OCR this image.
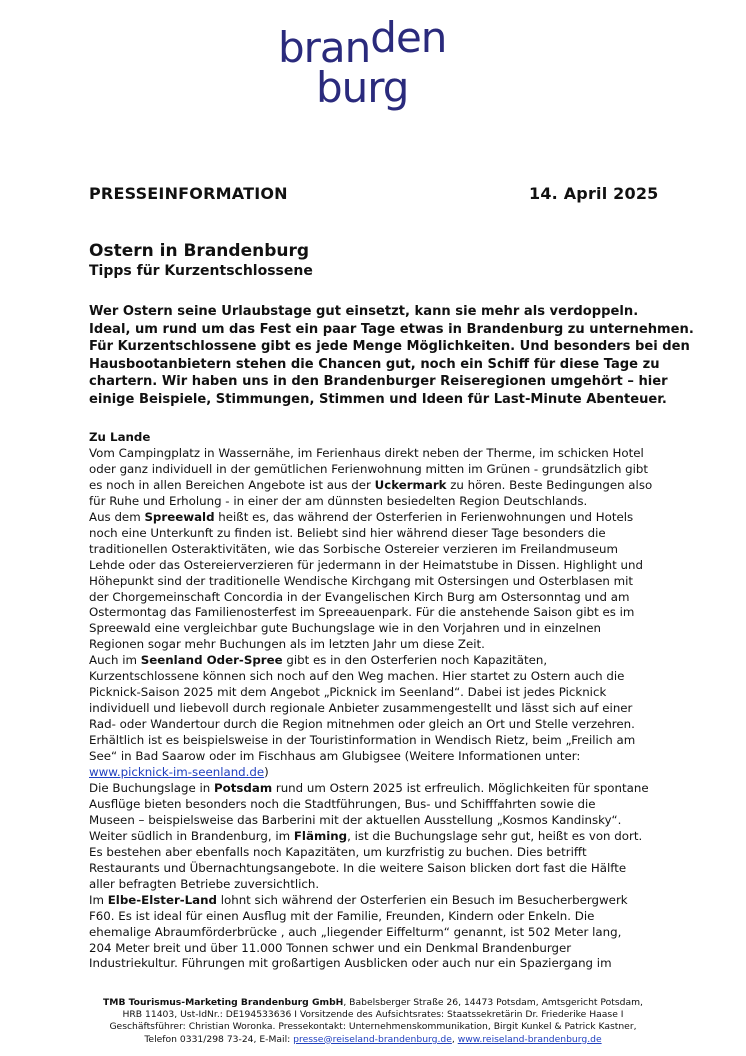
branden
burg
PRESSEINFORMATION	14. April 2025
Ostern in Brandenburg
Tipps für Kurzentschlossene

Wer Ostern seine Urlaubstage gut einsetzt, kann sie mehr als verdoppeln.

Ideal, um rund um das Fest ein paar Tage etwas in Brandenburg zu unternehmen.

Für Kurzentschlossene gibt es jede Menge Möglichkeiten. Und besonders bei den

Hausbootanbietern stehen die Chancen gut, noch ein Schiff für diese Tage zu

chartern. Wir haben uns in den Brandenburger Reiseregionen umgehört – hier

einige Beispiele, Stimmungen, Stimmen und Ideen für Last-Minute Abenteuer.

Zu Lande

Vom Campingplatz in Wassernähe, im Ferienhaus direkt neben der Therme, im schicken Hotel

oder ganz individuell in der gemütlichen Ferienwohnung mitten im Grünen - grundsätzlich gibt

es noch in allen Bereichen Angebote ist aus der Uckermark zu hören. Beste Bedingungen also

für Ruhe und Erholung - in einer der am dünnsten besiedelten Region Deutschlands.

Aus dem Spreewald heißt es, das während der Osterferien in Ferienwohnungen und Hotels

noch eine Unterkunft zu finden ist. Beliebt sind hier während dieser Tage besonders die

traditionellen Osteraktivitäten, wie das Sorbische Ostereier verzieren im Freilandmuseum

Lehde oder das Ostereierverzieren für jedermann in der Heimatstube in Dissen. Highlight und

Höhepunkt sind der traditionelle Wendische Kirchgang mit Ostersingen und Osterblasen mit

der Chorgemeinschaft Concordia in der Evangelischen Kirch Burg am Ostersonntag und am

Ostermontag das Familienosterfest im Spreeauenpark. Für die anstehende Saison gibt es im

Spreewald eine vergleichbar gute Buchungslage wie in den Vorjahren und in einzelnen

Regionen sogar mehr Buchungen als im letzten Jahr um diese Zeit.

Auch im Seenland Oder-Spree gibt es in den Osterferien noch Kapazitäten,

Kurzentschlossene können sich noch auf den Weg machen. Hier startet zu Ostern auch die

Picknick-Saison 2025 mit dem Angebot „Picknick im Seenland“. Dabei ist jedes Picknick

individuell und liebevoll durch regionale Anbieter zusammengestellt und lässt sich auf einer

Rad- oder Wandertour durch die Region mitnehmen oder gleich an Ort und Stelle verzehren.

Erhältlich ist es beispielsweise in der Touristinformation in Wendisch Rietz, beim „Freilich am

See“ in Bad Saarow oder im Fischhaus am Glubigsee (Weitere Informationen unter:

www.picknick-im-seenland.de)

Die Buchungslage in Potsdam rund um Ostern 2025 ist erfreulich. Möglichkeiten für spontane

Ausflüge bieten besonders noch die Stadtführungen, Bus- und Schifffahrten sowie die

Museen – beispielsweise das Barberini mit der aktuellen Ausstellung „Kosmos Kandinsky“.

Weiter südlich in Brandenburg, im Fläming, ist die Buchungslage sehr gut, heißt es von dort.

Es bestehen aber ebenfalls noch Kapazitäten, um kurzfristig zu buchen. Dies betrifft

Restaurants und Übernachtungsangebote. In die weitere Saison blicken dort fast die Hälfte

aller befragten Betriebe zuversichtlich.

Im Elbe-Elster-Land lohnt sich während der Osterferien ein Besuch im Besucherbergwerk

F60. Es ist ideal für einen Ausflug mit der Familie, Freunden, Kindern oder Enkeln. Die

ehemalige Abraumförderbrücke , auch „liegender Eiffelturm“ genannt, ist 502 Meter lang,

204 Meter breit und über 11.000 Tonnen schwer und ein Denkmal Brandenburger

Industriekultur. Führungen mit großartigen Ausblicken oder auch nur ein Spaziergang im

TMB Tourismus-Marketing Brandenburg GmbH, Babelsberger Straße 26, 14473 Potsdam, Amtsgericht Potsdam,

HRB 11403, Ust-IdNr.: DE194533636 I Vorsitzende des Aufsichtsrates: Staatssekretärin Dr. Friederike Haase I

Geschäftsführer: Christian Woronka. Pressekontakt: Unternehmenskommunikation, Birgit Kunkel & Patrick Kastner,

Telefon 0331/298 73-24, E-Mail: presse@reiseland-brandenburg.de, www.reiseland-brandenburg.de
